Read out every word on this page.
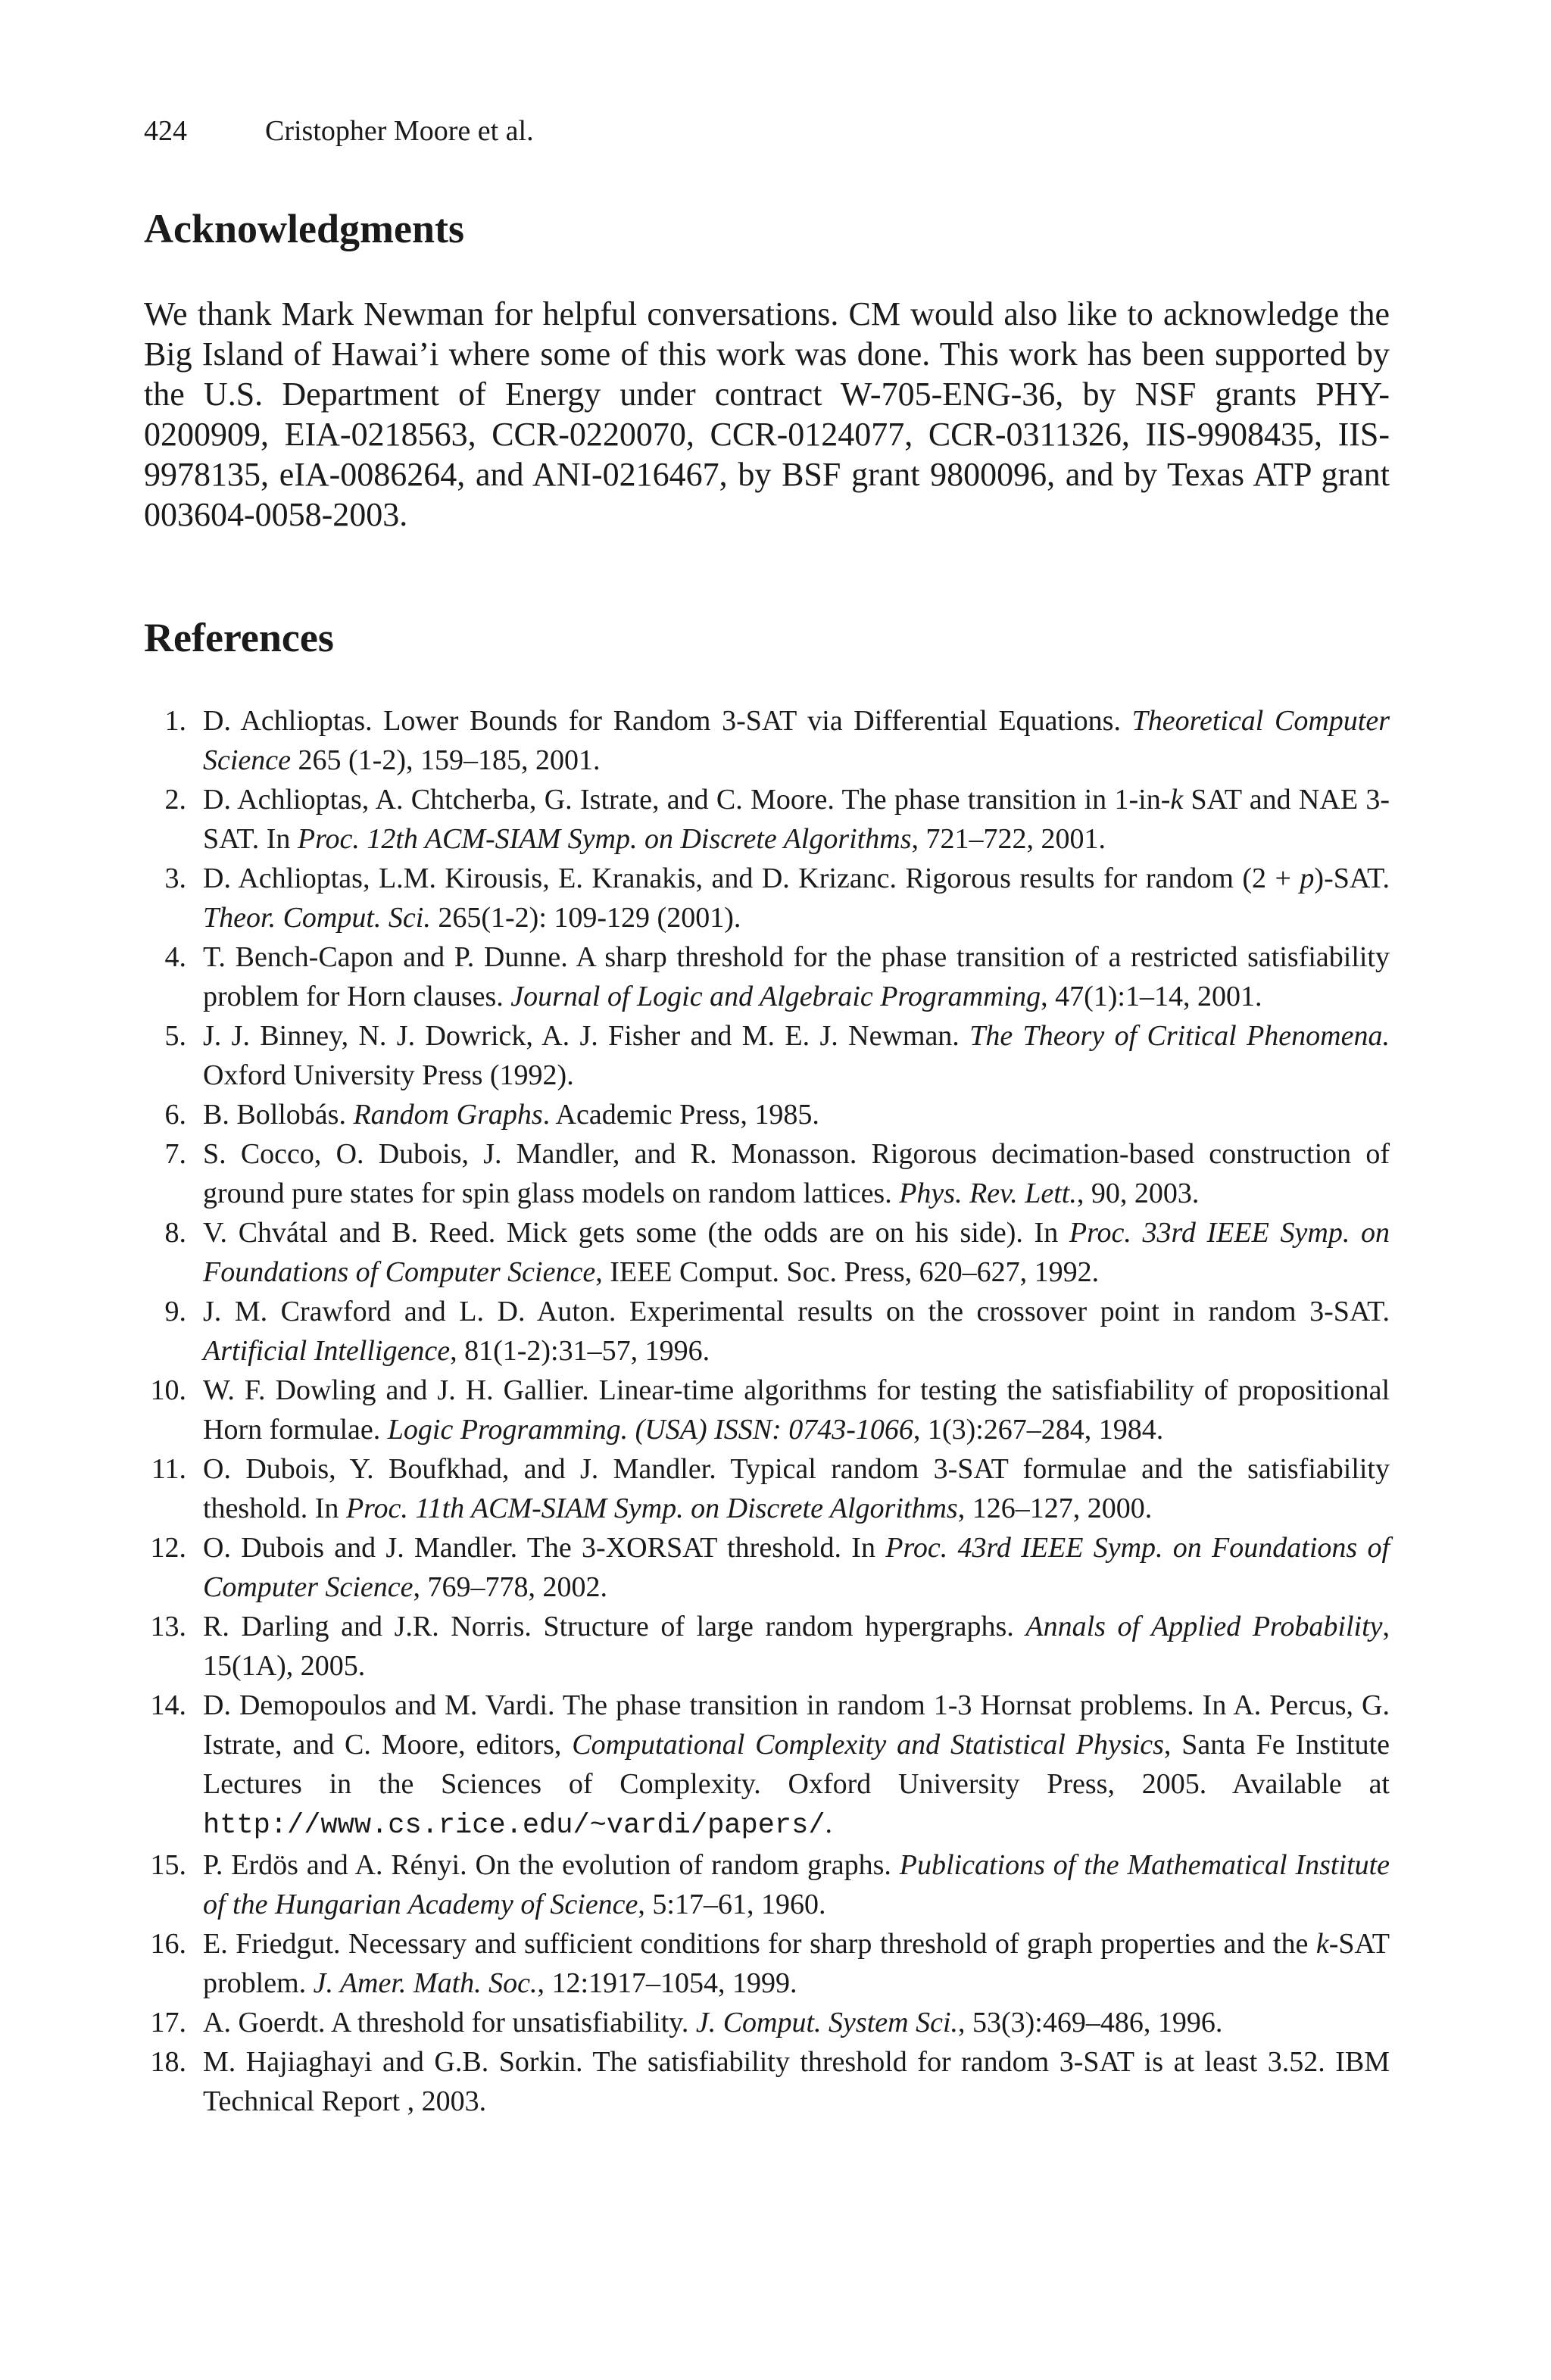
424	Cristopher Moore et al.

Acknowledgments

We thank Mark Newman for helpful conversations. CM would also like to acknowledge the Big Island of Hawai’i where some of this work was done. This work has been supported by the U.S. Department of Energy under contract W-705-ENG-36, by NSF grants PHY-0200909, EIA-0218563, CCR-0220070, CCR-0124077, CCR-0311326, IIS-9908435, IIS-9978135, eIA-0086264, and ANI-0216467, by BSF grant 9800096, and by Texas ATP grant 003604-0058-2003.

References
1. D. Achlioptas. Lower Bounds for Random 3-SAT via Differential Equations. Theoretical Computer Science 265 (1-2), 159–185, 2001.
2. D. Achlioptas, A. Chtcherba, G. Istrate, and C. Moore. The phase transition in 1-in-k SAT and NAE 3-SAT. In Proc. 12th ACM-SIAM Symp. on Discrete Algorithms, 721–722, 2001.
3. D. Achlioptas, L.M. Kirousis, E. Kranakis, and D. Krizanc. Rigorous results for random (2 + p)-SAT. Theor. Comput. Sci. 265(1-2): 109-129 (2001).
4. T. Bench-Capon and P. Dunne. A sharp threshold for the phase transition of a restricted satisfiability problem for Horn clauses. Journal of Logic and Algebraic Programming, 47(1):1–14, 2001.
5. J. J. Binney, N. J. Dowrick, A. J. Fisher and M. E. J. Newman. The Theory of Critical Phenomena. Oxford University Press (1992).
6. B. Bollobás. Random Graphs. Academic Press, 1985.
7. S. Cocco, O. Dubois, J. Mandler, and R. Monasson. Rigorous decimation-based construction of ground pure states for spin glass models on random lattices. Phys. Rev. Lett., 90, 2003.
8. V. Chvátal and B. Reed. Mick gets some (the odds are on his side). In Proc. 33rd IEEE Symp. on Foundations of Computer Science, IEEE Comput. Soc. Press, 620–627, 1992.
9. J. M. Crawford and L. D. Auton. Experimental results on the crossover point in random 3-SAT. Artificial Intelligence, 81(1-2):31–57, 1996.
10. W. F. Dowling and J. H. Gallier. Linear-time algorithms for testing the satisfiability of propositional Horn formulae. Logic Programming. (USA) ISSN: 0743-1066, 1(3):267–284, 1984.
11. O. Dubois, Y. Boufkhad, and J. Mandler. Typical random 3-SAT formulae and the satisfiability theshold. In Proc. 11th ACM-SIAM Symp. on Discrete Algorithms, 126–127, 2000.
12. O. Dubois and J. Mandler. The 3-XORSAT threshold. In Proc. 43rd IEEE Symp. on Foundations of Computer Science, 769–778, 2002.
13. R. Darling and J.R. Norris. Structure of large random hypergraphs. Annals of Applied Probability, 15(1A), 2005.
14. D. Demopoulos and M. Vardi. The phase transition in random 1-3 Hornsat problems. In A. Percus, G. Istrate, and C. Moore, editors, Computational Complexity and Statistical Physics, Santa Fe Institute Lectures in the Sciences of Complexity. Oxford University Press, 2005. Available at http://www.cs.rice.edu/~vardi/papers/.
15. P. Erdös and A. Rényi. On the evolution of random graphs. Publications of the Mathematical Institute of the Hungarian Academy of Science, 5:17–61, 1960.
16. E. Friedgut. Necessary and sufficient conditions for sharp threshold of graph properties and the k-SAT problem. J. Amer. Math. Soc., 12:1917–1054, 1999.
17. A. Goerdt. A threshold for unsatisfiability. J. Comput. System Sci., 53(3):469–486, 1996.
18. M. Hajiaghayi and G.B. Sorkin. The satisfiability threshold for random 3-SAT is at least 3.52. IBM Technical Report , 2003.
